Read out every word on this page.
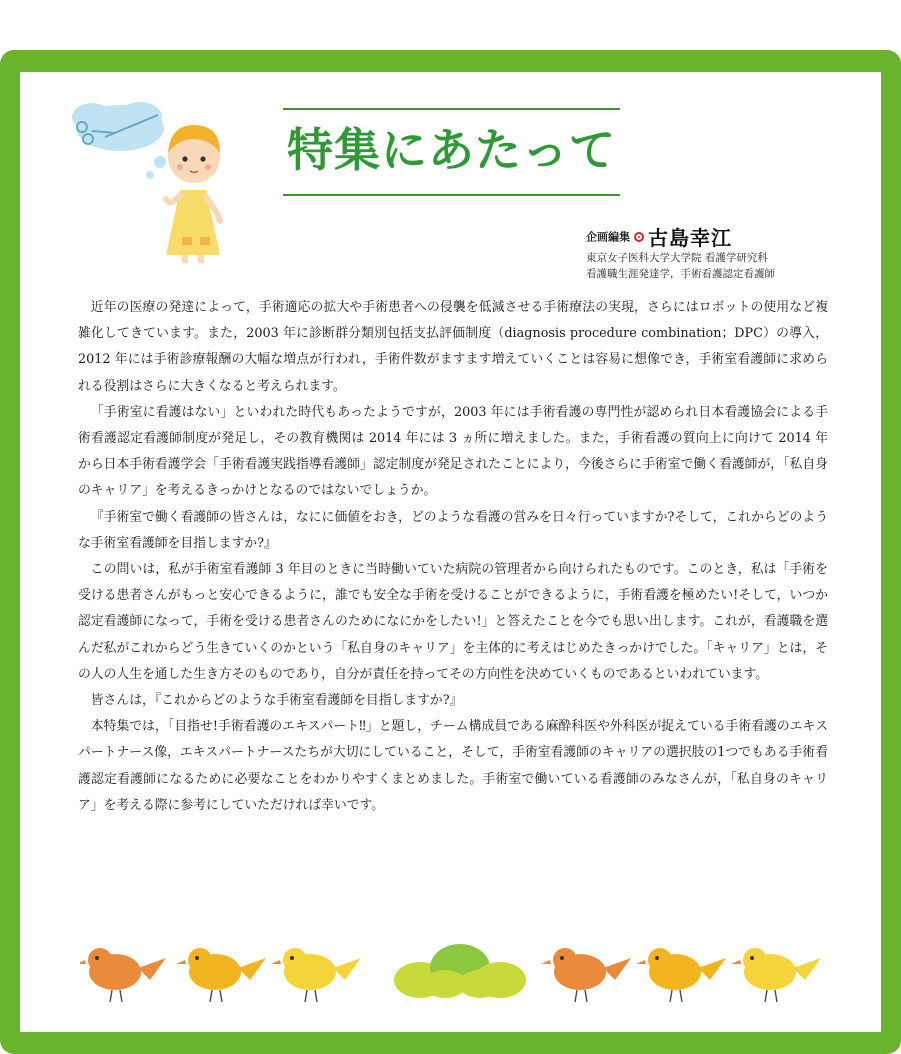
特集にあたって
企画編集 古島幸江
東京女子医科大学大学院 看護学研究科
看護職生涯発達学，手術看護認定看護師

近年の医療の発達によって，手術適応の拡大や手術患者への侵襲を低減させる手術療法の実現，さらにはロボットの使用など複雑化してきています。また，2003 年に診断群分類別包括支払評価制度（diagnosis procedure combination；DPC）の導入，2012 年には手術診療報酬の大幅な増点が行われ，手術件数がますます増えていくことは容易に想像でき，手術室看護師に求められる役割はさらに大きくなると考えられます。

「手術室に看護はない」といわれた時代もあったようですが，2003 年には手術看護の専門性が認められ日本看護協会による手術看護認定看護師制度が発足し，その教育機関は 2014 年には 3 ヵ所に増えました。また，手術看護の質向上に向けて 2014 年から日本手術看護学会「手術看護実践指導看護師」認定制度が発足されたことにより，今後さらに手術室で働く看護師が，「私自身のキャリア」を考えるきっかけとなるのではないでしょうか。

『手術室で働く看護師の皆さんは，なにに価値をおき，どのような看護の営みを日々行っていますか?そして，これからどのような手術室看護師を目指しますか?』

この問いは，私が手術室看護師 3 年目のときに当時働いていた病院の管理者から向けられたものです。このとき，私は「手術を受ける患者さんがもっと安心できるように，誰でも安全な手術を受けることができるように，手術看護を極めたい!そして，いつか認定看護師になって，手術を受ける患者さんのためになにかをしたい!」と答えたことを今でも思い出します。これが，看護職を選んだ私がこれからどう生きていくのかという「私自身のキャリア」を主体的に考えはじめたきっかけでした。「キャリア」とは，その人の人生を通した生き方そのものであり，自分が責任を持ってその方向性を決めていくものであるといわれています。

皆さんは，『これからどのような手術室看護師を目指しますか?』

本特集では，「目指せ!手術看護のエキスパート‼」と題し，チーム構成員である麻酔科医や外科医が捉えている手術看護のエキスパートナース像，エキスパートナースたちが大切にしていること，そして，手術室看護師のキャリアの選択肢の1つでもある手術看護認定看護師になるために必要なことをわかりやすくまとめました。手術室で働いている看護師のみなさんが，「私自身のキャリア」を考える際に参考にしていただければ幸いです。
